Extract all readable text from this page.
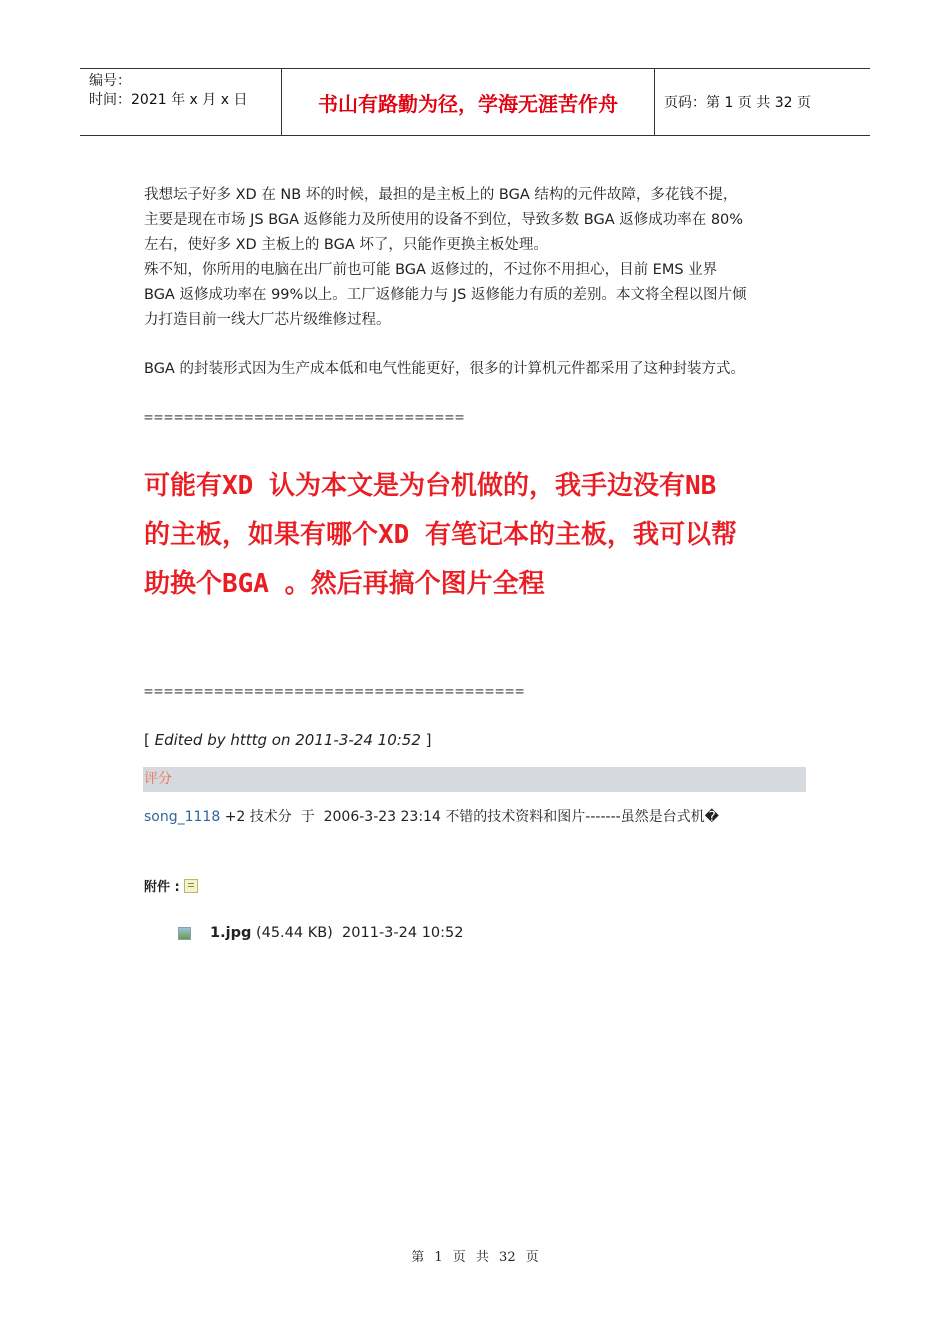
编号：
时间：2021 年 x 月 x 日	书山有路勤为径，学海无涯苦作舟	页码：第 1 页 共 32 页
我想坛子好多 XD 在 NB 坏的时候，最担的是主板上的 BGA 结构的元件故障，多花钱不提，
主要是现在市场 JS BGA 返修能力及所使用的设备不到位，导致多数 BGA 返修成功率在 80%
左右，使好多 XD 主板上的 BGA 坏了，只能作更换主板处理。
殊不知，你所用的电脑在出厂前也可能 BGA 返修过的，不过你不用担心，目前 EMS 业界
BGA 返修成功率在 99%以上。工厂返修能力与 JS 返修能力有质的差别。本文将全程以图片倾
力打造目前一线大厂芯片级维修过程。
BGA 的封装形式因为生产成本低和电气性能更好，很多的计算机元件都采用了这种封装方式。
================================
可能有XD 认为本文是为台机做的，我手边没有NB
的主板，如果有哪个XD 有笔记本的主板，我可以帮
助换个BGA 。然后再搞个图片全程
======================================
[ Edited by htttg on 2011-3-24 10:52 ]
评分
song_1118 +2 技术分 于 2006-3-23 23:14 不错的技术资料和图片-------虽然是台式机�
附件 :
1.jpg
(45.44 KB)
2011-3-24 10:52
第 1 页 共 32 页
